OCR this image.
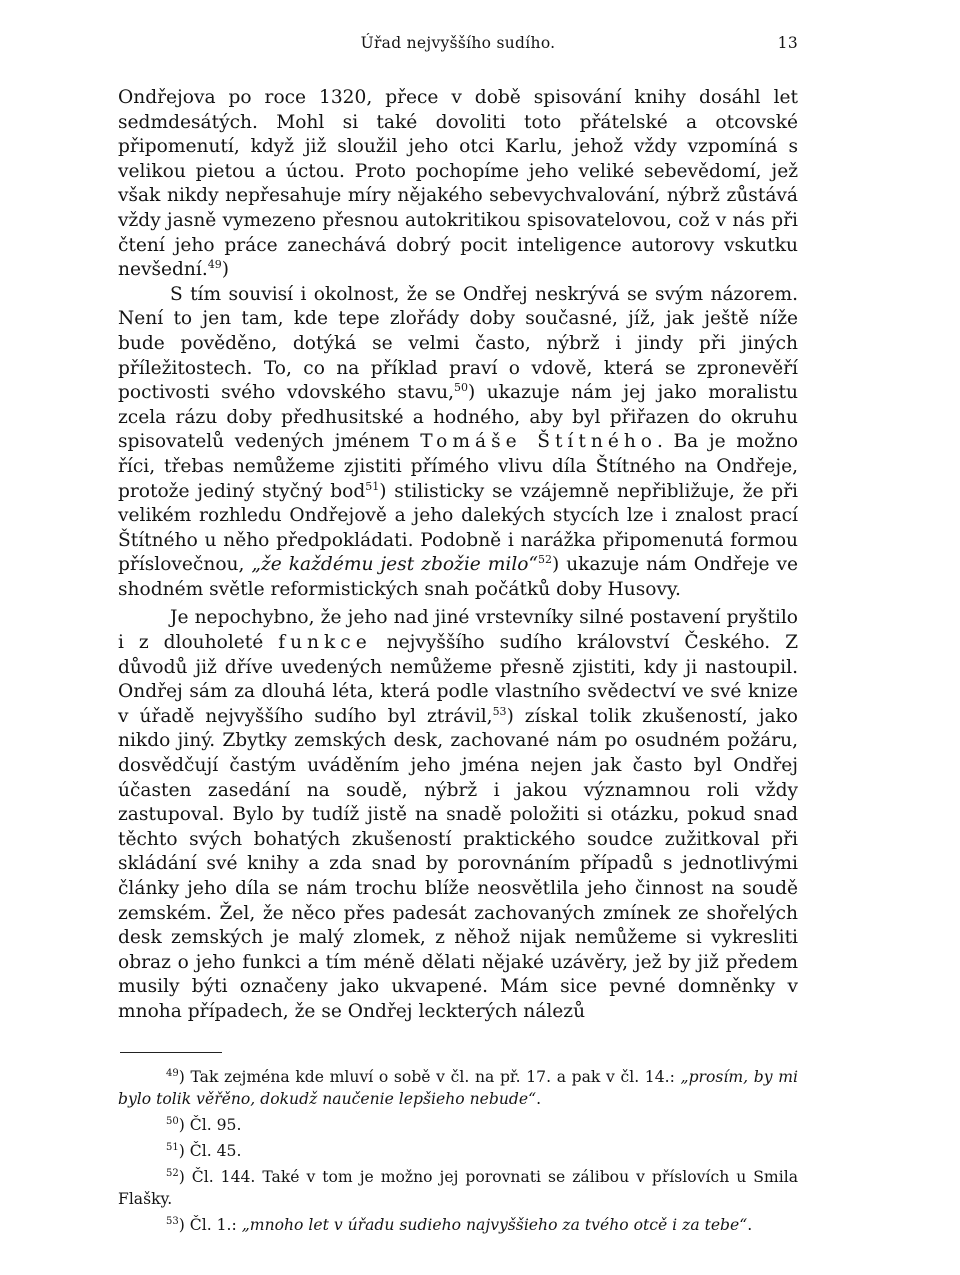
Úřad nejvyššího sudího.	13

Ondřejova po roce 1320, přece v době spisování knihy dosáhl let sedmdesátých. Mohl si také dovoliti toto přátelské a otcovské připomenutí, když již sloužil jeho otci Karlu, jehož vždy vzpomíná s velikou pietou a úctou. Proto pochopíme jeho veliké sebevědomí, jež však nikdy nepřesahuje míry nějakého sebevychvalování, nýbrž zůstává vždy jasně vymezeno přesnou autokritikou spisovatelovou, což v nás při čtení jeho práce zanechává dobrý pocit inteligence autorovy vskutku nevšední.$^{49}$)

S tím souvisí i okolnost, že se Ondřej neskrývá se svým názorem. Není to jen tam, kde tepe zlořády doby současné, jíž, jak ještě níže bude pověděno, dotýká se velmi často, nýbrž i jindy při jiných příležitostech. To, co na příklad praví o vdově, která se zpronevěří poctivosti svého vdovského stavu,$^{50}$) ukazuje nám jej jako moralistu zcela rázu doby předhusitské a hodného, aby byl přiřazen do okruhu spisovatelů vedených jménem Tomáše Štítného. Ba je možno říci, třebas nemůžeme zjistiti přímého vlivu díla Štítného na Ondřeje, protože jediný styčný bod$^{51}$) stilisticky se vzájemně nepřibližuje, že při velikém rozhledu Ondřejově a jeho dalekých stycích lze i znalost prací Štítného u něho předpokládati. Podobně i narážka připomenutá formou příslovečnou, „že každému jest zbožie milo“$^{52}$) ukazuje nám Ondřeje ve shodném světle reformistických snah počátků doby Husovy.

Je nepochybno, že jeho nad jiné vrstevníky silné postavení pryštilo i z dlouholeté funkce nejvyššího sudího království Českého. Z důvodů již dříve uvedených nemůžeme přesně zjistiti, kdy ji nastoupil. Ondřej sám za dlouhá léta, která podle vlastního svědectví ve své knize v úřadě nejvyššího sudího byl ztrávil,$^{53}$) získal tolik zkušeností, jako nikdo jiný. Zbytky zemských desk, zachované nám po osudném požáru, dosvědčují častým uváděním jeho jména nejen jak často byl Ondřej účasten zasedání na soudě, nýbrž i jakou významnou roli vždy zastupoval. Bylo by tudíž jistě na snadě položiti si otázku, pokud snad těchto svých bohatých zkušeností praktického soudce zužitkoval při skládání své knihy a zda snad by porovnáním případů s jednotlivými články jeho díla se nám trochu blíže neosvětlila jeho činnost na soudě zemském. Žel, že něco přes padesát zachovaných zmínek ze shořelých desk zemských je malý zlomek, z něhož nijak nemůžeme si vykresliti obraz o jeho funkci a tím méně dělati nějaké uzávěry, jež by již předem musily býti označeny jako ukvapené. Mám sice pevné domněnky v mnoha případech, že se Ondřej leckterých nálezů

$^{49}$) Tak zejména kde mluví o sobě v čl. na př. 17. a pak v čl. 14.: „prosím, by mi bylo tolik věřěno, dokudž naučenie lepšieho nebude“.

$^{50}$) Čl. 95.

$^{51}$) Čl. 45.

$^{52}$) Čl. 144. Také v tom je možno jej porovnati se zálibou v příslovích u Smila Flašky.

$^{53}$) Čl. 1.: „mnoho let v úřadu sudieho najvyššieho za tvého otcě i za tebe“.
